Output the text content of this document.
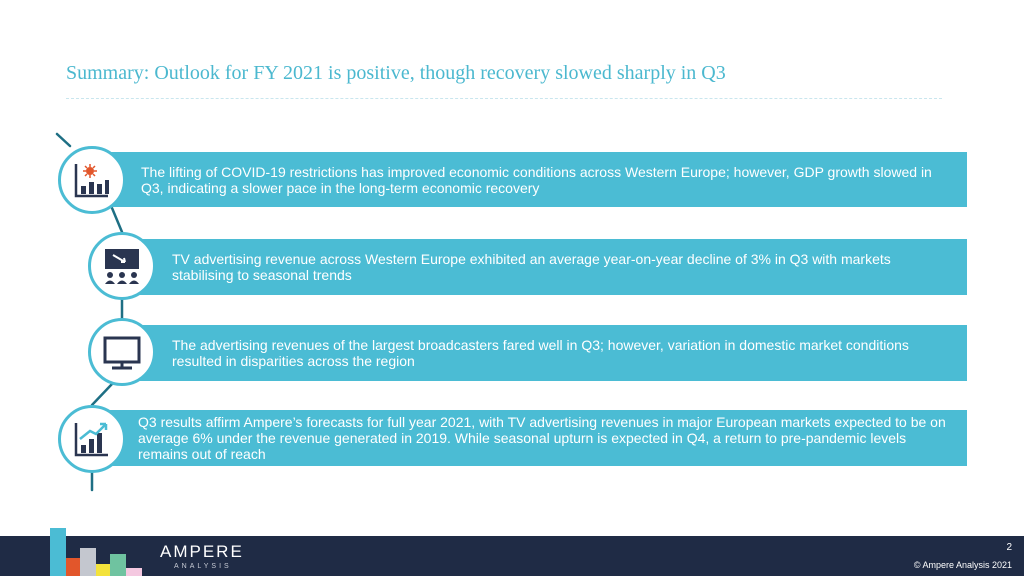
Summary: Outlook for FY 2021 is positive, though recovery slowed sharply in Q3
The lifting of COVID-19 restrictions has improved economic conditions across Western Europe; however, GDP growth slowed in Q3, indicating a slower pace in the long-term economic recovery
TV advertising revenue across Western Europe exhibited an average year-on-year decline of 3% in Q3 with markets stabilising to seasonal trends
The advertising revenues of the largest broadcasters fared well in Q3; however, variation in domestic market conditions resulted in disparities across the region
Q3 results affirm Ampere’s forecasts for full year 2021, with TV advertising revenues in major European markets expected to be on average 6% under the revenue generated in 2019. While seasonal upturn is expected in Q4, a return to pre-pandemic levels remains out of reach
AMPERE
ANALYSIS
2
© Ampere Analysis 2021
